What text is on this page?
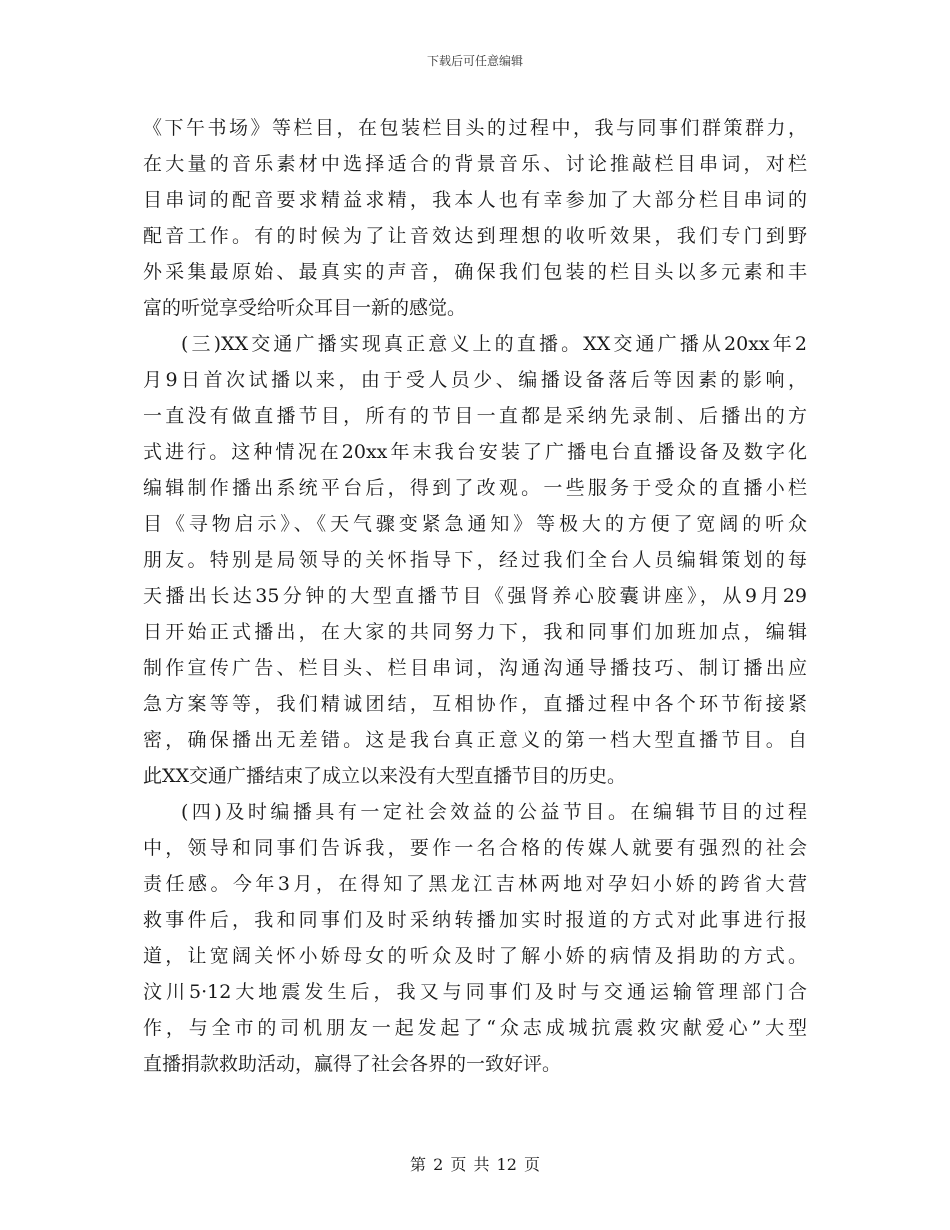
下载后可任意编辑
《下午书场》等栏目，在包装栏目头的过程中，我与同事们群策群力，
在大量的音乐素材中选择适合的背景音乐、讨论推敲栏目串词，对栏
目串词的配音要求精益求精，我本人也有幸参加了大部分栏目串词的
配音工作。有的时候为了让音效达到理想的收听效果，我们专门到野
外采集最原始、最真实的声音，确保我们包装的栏目头以多元素和丰
富的听觉享受给听众耳目一新的感觉。
(三)XX交通广播实现真正意义上的直播。XX交通广播从20xx年2
月9日首次试播以来，由于受人员少、编播设备落后等因素的影响，
一直没有做直播节目，所有的节目一直都是采纳先录制、后播出的方
式进行。这种情况在20xx年末我台安装了广播电台直播设备及数字化
编辑制作播出系统平台后，得到了改观。一些服务于受众的直播小栏
目《寻物启示》、《天气骤变紧急通知》等极大的方便了宽阔的听众
朋友。特别是局领导的关怀指导下，经过我们全台人员编辑策划的每
天播出长达35分钟的大型直播节目《强肾养心胶囊讲座》，从9月29
日开始正式播出，在大家的共同努力下，我和同事们加班加点，编辑
制作宣传广告、栏目头、栏目串词，沟通沟通导播技巧、制订播出应
急方案等等，我们精诚团结，互相协作，直播过程中各个环节衔接紧
密，确保播出无差错。这是我台真正意义的第一档大型直播节目。自
此XX交通广播结束了成立以来没有大型直播节目的历史。
(四)及时编播具有一定社会效益的公益节目。在编辑节目的过程
中，领导和同事们告诉我，要作一名合格的传媒人就要有强烈的社会
责任感。今年3月，在得知了黑龙江吉林两地对孕妇小娇的跨省大营
救事件后，我和同事们及时采纳转播加实时报道的方式对此事进行报
道，让宽阔关怀小娇母女的听众及时了解小娇的病情及捐助的方式。
汶川5·12大地震发生后，我又与同事们及时与交通运输管理部门合
作，与全市的司机朋友一起发起了“众志成城抗震救灾献爱心”大型
直播捐款救助活动，赢得了社会各界的一致好评。
第 2 页 共 12 页
